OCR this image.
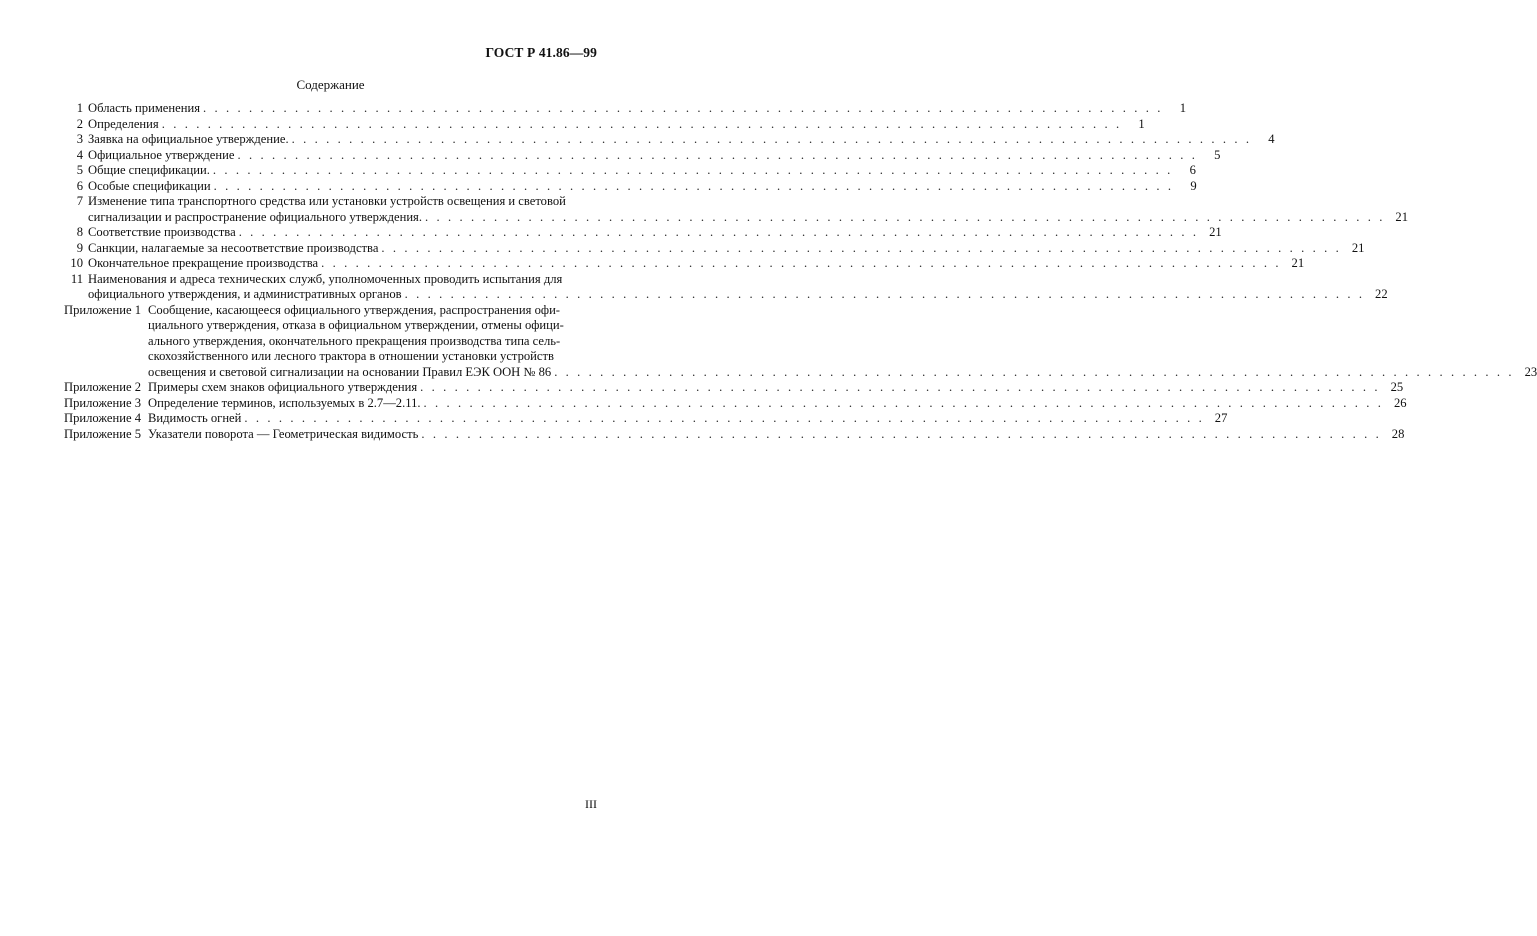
ГОСТ Р 41.86—99
Содержание
1 Область применения . . .	1
2 Определения . . .	1
3 Заявка на официальное утверждение. . . .	4
4 Официальное утверждение . . .	5
5 Общие спецификации. . . .	6
6 Особые спецификации . . .	9
7 Изменение типа транспортного средства или установки устройств освещения и световой
сигнализации и распространение официального утверждения. . . .	21
8 Соответствие производства . . .	21
9 Санкции, налагаемые за несоответствие производства . . .	21
10 Окончательное прекращение производства . . .	21
11 Наименования и адреса технических служб, уполномоченных проводить испытания для
официального утверждения, и административных органов . . .	22
Приложение 1 Сообщение, касающееся официального утверждения, распространения офи-
циального утверждения, отказа в официальном утверждении, отмены офици-
ального утверждения, окончательного прекращения производства типа сель-
скохозяйственного или лесного трактора в отношении установки устройств
освещения и световой сигнализации на основании Правил ЕЭК ООН № 86 . . .	23
Приложение 2 Примеры схем знаков официального утверждения . . .	25
Приложение 3 Определение терминов, используемых в 2.7—2.11. . . .	26
Приложение 4 Видимость огней . . .	27
Приложение 5 Указатели поворота — Геометрическая видимость . . .	28
III
